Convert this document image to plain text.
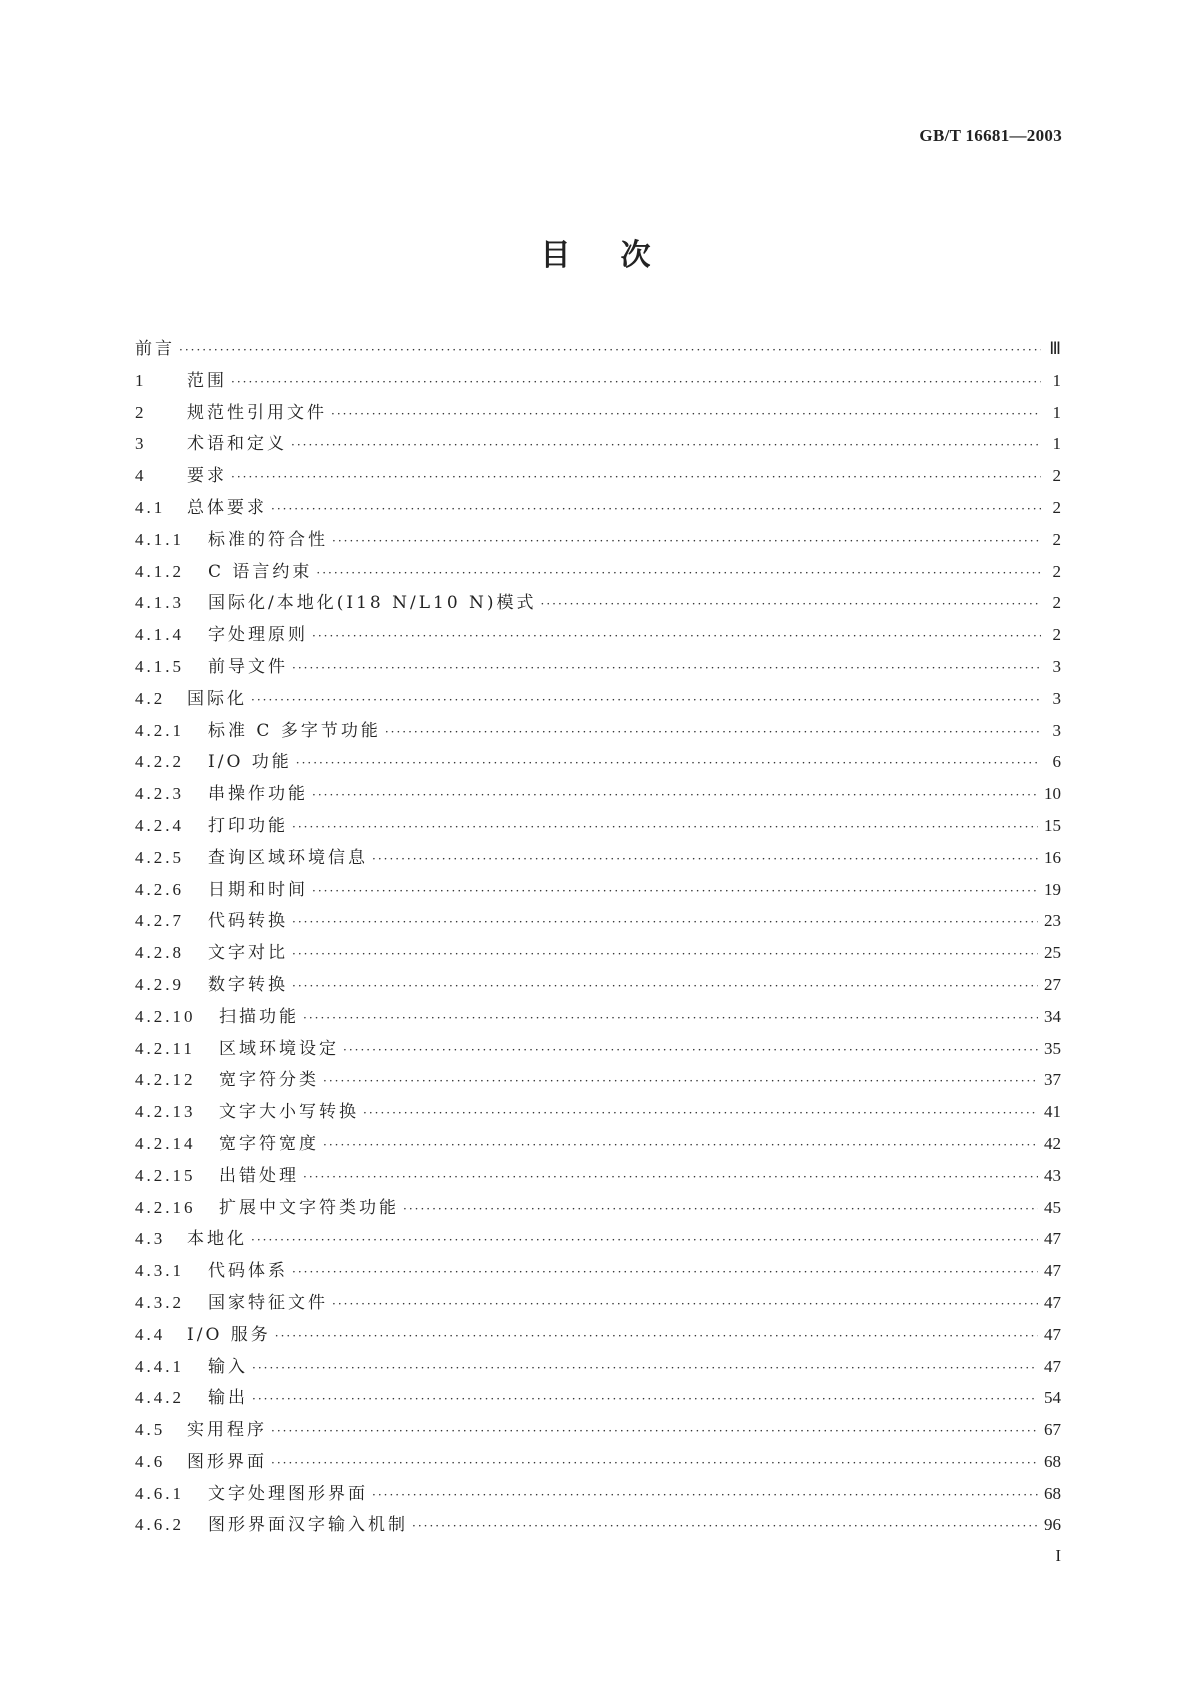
GB/T 16681—2003
目次
前言 ·····	Ⅲ
1	范围 ·····	1
2	规范性引用文件 ·····	1
3	术语和定义 ·····	1
4	要求 ·····	2
4.1	总体要求 ·····	2
4.1.1	标准的符合性 ·····	2
4.1.2	C 语言约束 ·····	2
4.1.3	国际化/本地化(I18 N/L10 N)模式 ·····	2
4.1.4	字处理原则 ·····	2
4.1.5	前导文件 ·····	3
4.2	国际化 ·····	3
4.2.1	标准 C 多字节功能 ·····	3
4.2.2	I/O 功能 ·····	6
4.2.3	串操作功能 ·····	10
4.2.4	打印功能 ·····	15
4.2.5	查询区域环境信息 ·····	16
4.2.6	日期和时间 ·····	19
4.2.7	代码转换 ·····	23
4.2.8	文字对比 ·····	25
4.2.9	数字转换 ·····	27
4.2.10	扫描功能 ·····	34
4.2.11	区域环境设定 ·····	35
4.2.12	宽字符分类 ·····	37
4.2.13	文字大小写转换 ·····	41
4.2.14	宽字符宽度 ·····	42
4.2.15	出错处理 ·····	43
4.2.16	扩展中文字符类功能 ·····	45
4.3	本地化 ·····	47
4.3.1	代码体系 ·····	47
4.3.2	国家特征文件 ·····	47
4.4	I/O 服务 ·····	47
4.4.1	输入 ·····	47
4.4.2	输出 ·····	54
4.5	实用程序 ·····	67
4.6	图形界面 ·····	68
4.6.1	文字处理图形界面 ·····	68
4.6.2	图形界面汉字输入机制 ·····	96
I
